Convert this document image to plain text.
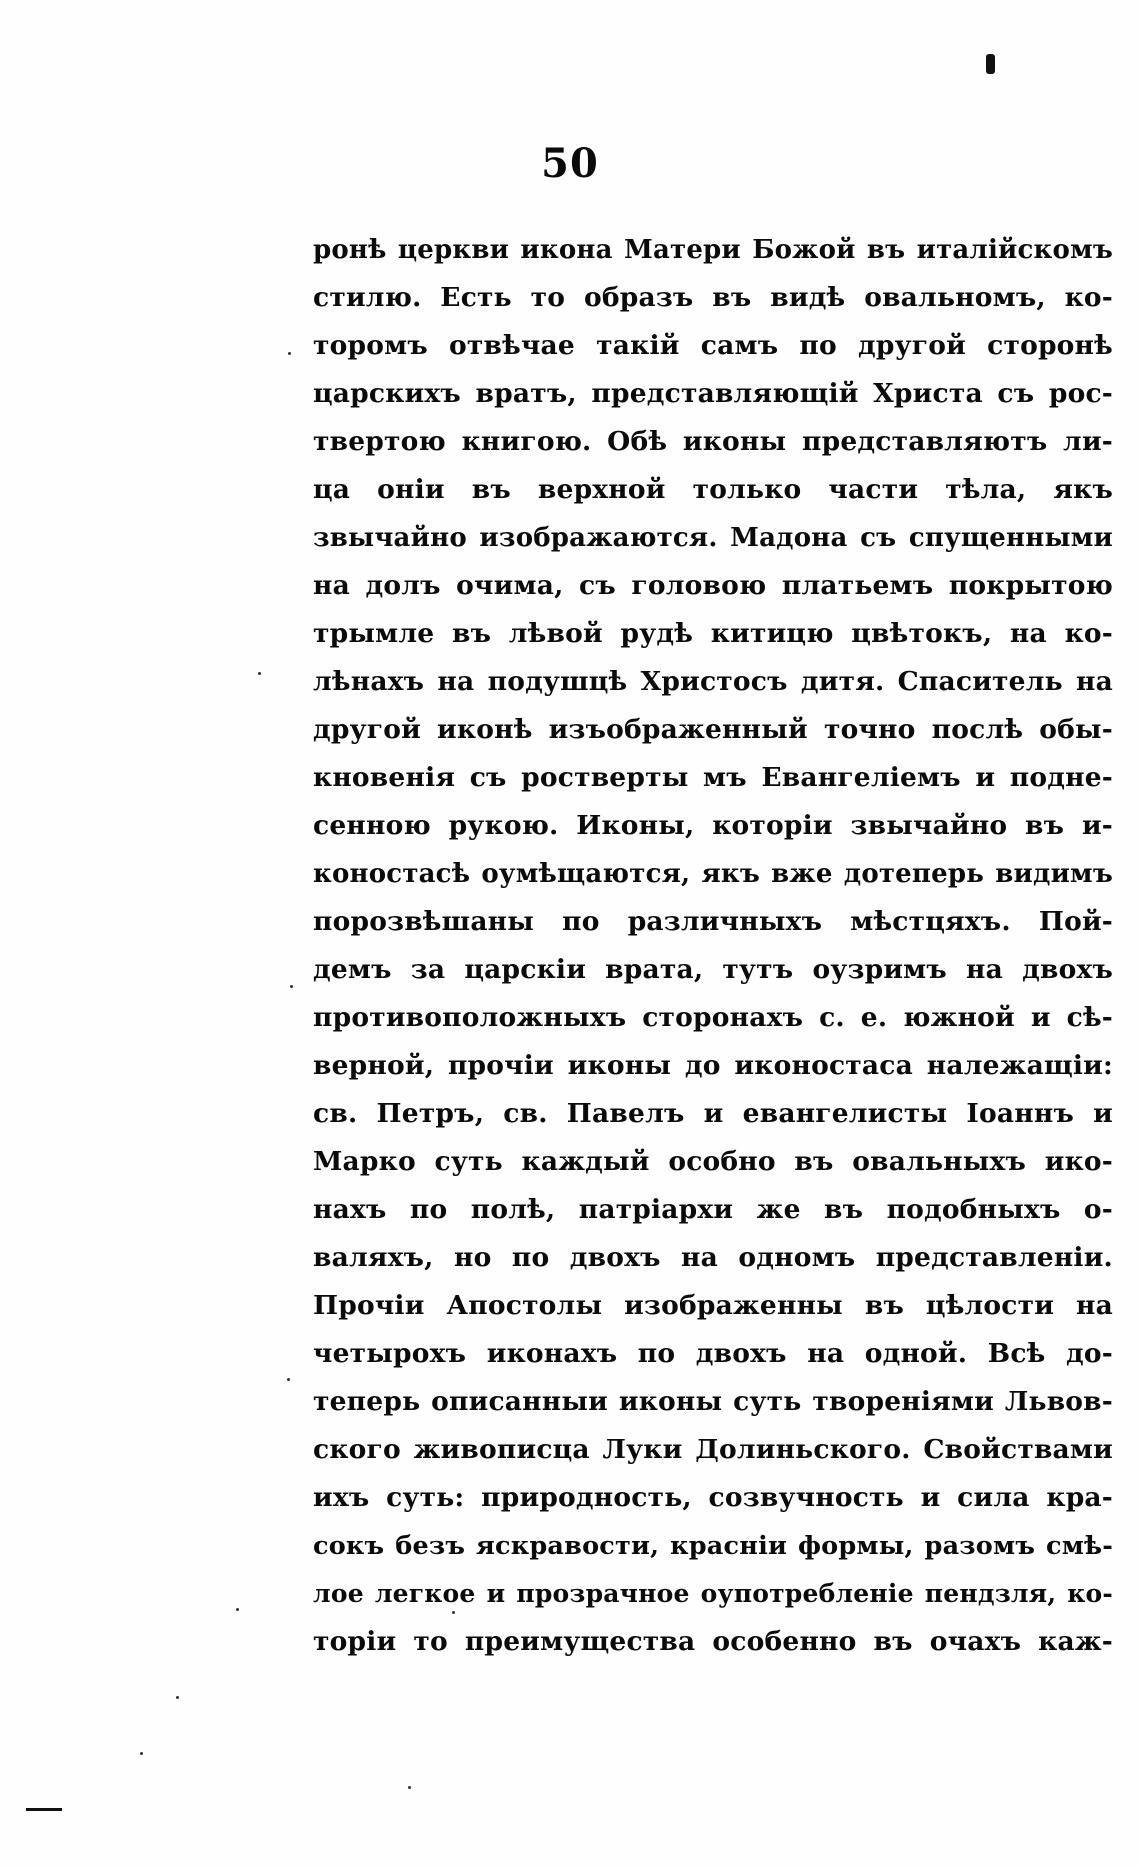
50
ронѣ церкви икона Матери Божой въ италійскомъ
стилю. Есть то образъ въ видѣ овальномъ, ко-
торомъ отвѣчае такій самъ по другой сторонѣ
царскихъ вратъ, представляющій Христа съ рос-
твертою книгою. Обѣ иконы представляютъ ли-
ца оніи въ верхной только части тѣла, якъ
звычайно изображаются. Мадона съ спущенными
на долъ очима, съ головою платьемъ покрытою
трымле въ лѣвой рудѣ китицю цвѣтокъ, на ко-
лѣнахъ на подушцѣ Христосъ дитя. Спаситель на
другой иконѣ изъображенный точно послѣ обы-
кновенія съ ростверты мъ Евангеліемъ и подне-
сенною рукою. Иконы, которіи звычайно въ и-
коностасѣ оумѣщаются, якъ вже дотеперь видимъ
порозвѣшаны по различныхъ мѣстцяхъ. Пой-
демъ за царскіи врата, тутъ оузримъ на двохъ
противоположныхъ сторонахъ с. е. южной и сѣ-
верной, прочіи иконы до иконостаса належащіи:
св. Петръ, св. Павелъ и евангелисты Іоаннъ и
Марко суть каждый особно въ овальныхъ ико-
нахъ по полѣ, патріархи же въ подобныхъ о-
валяхъ, но по двохъ на одномъ представленіи.
Прочіи Апостолы изображенны въ цѣлости на
четырохъ иконахъ по двохъ на одной. Всѣ до-
теперь описанныи иконы суть твореніями Львов-
ского живописца Луки Долиньского. Свойствами
ихъ суть: природность, созвучность и сила кра-
сокъ безъ яскравости, красніи формы, разомъ смѣ-
лое легкое и прозрачное оупотребленіе пендзля, ко-
торіи то преимущества особенно въ очахъ каж-
